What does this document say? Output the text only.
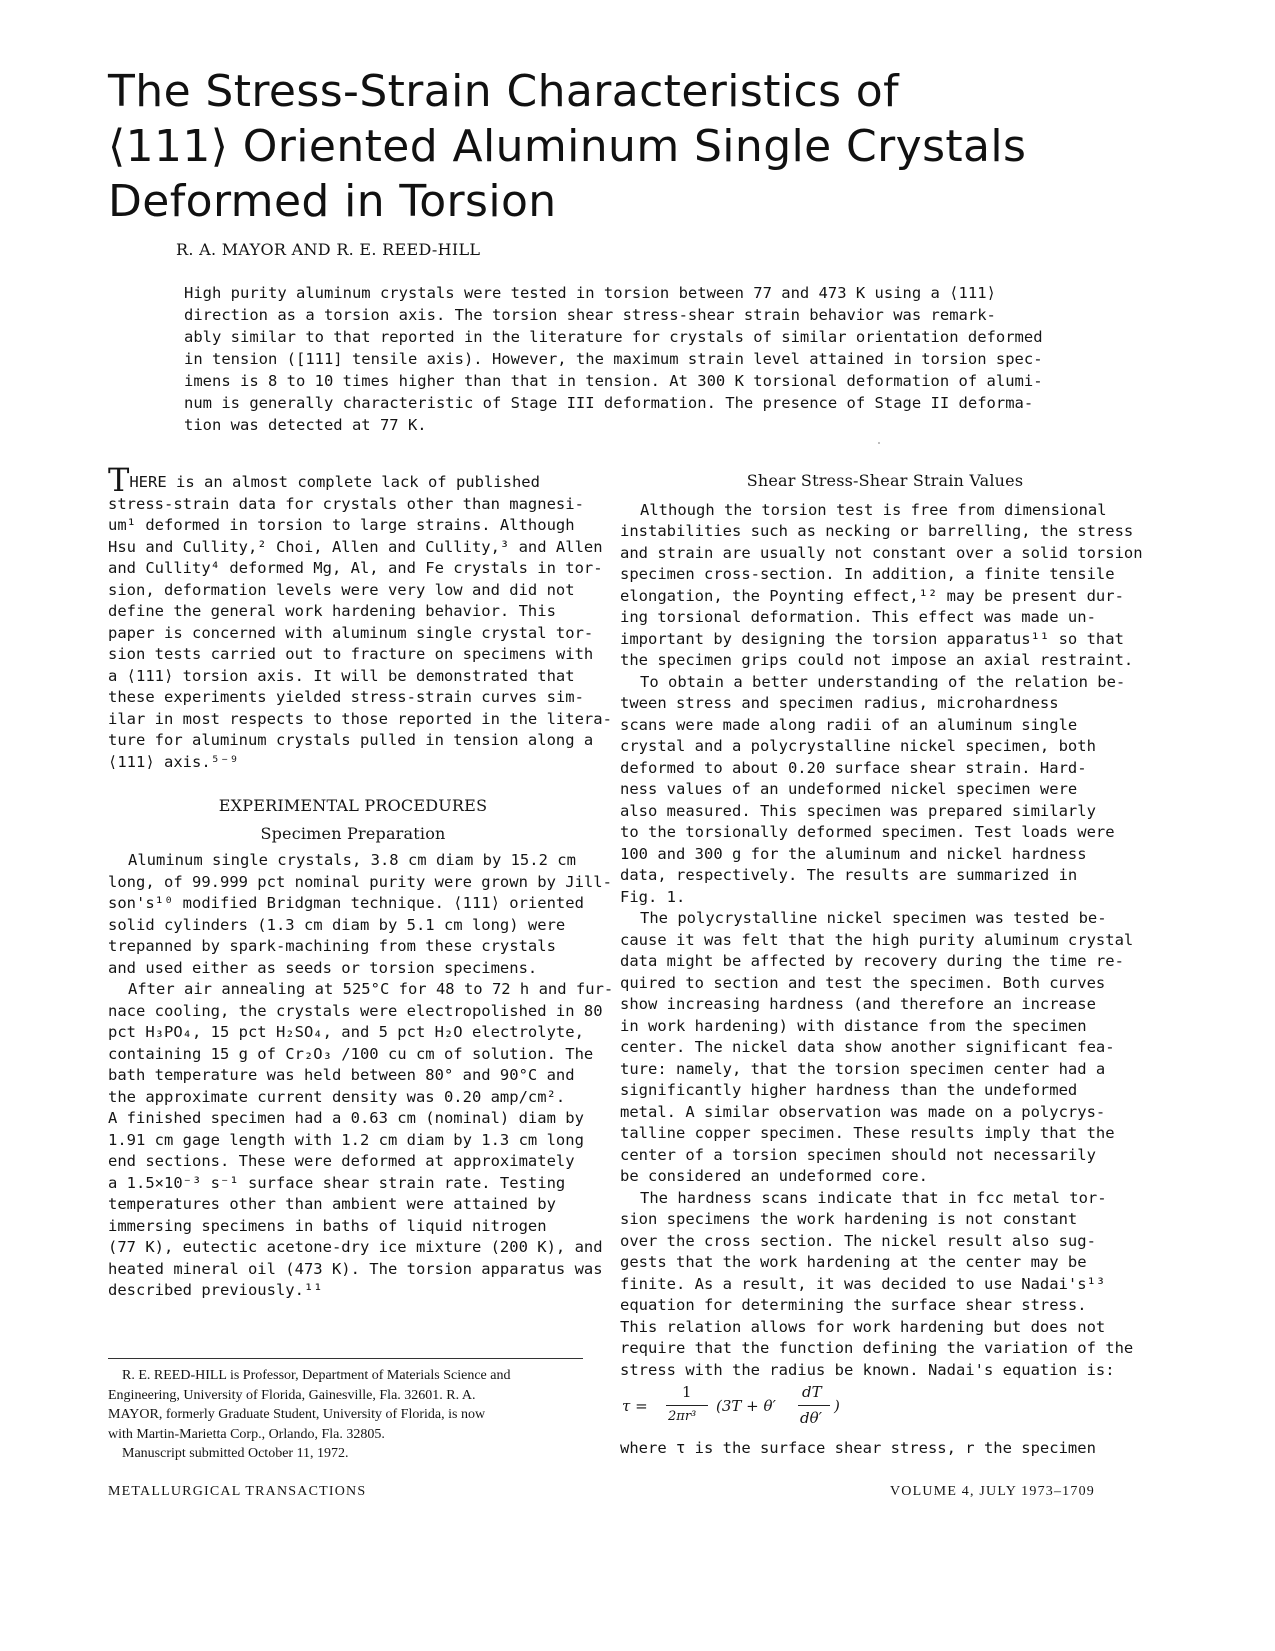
The Stress-Strain Characteristics of
⟨111⟩ Oriented Aluminum Single Crystals
Deformed in Torsion

R. A. MAYOR AND R. E. REED-HILL

High purity aluminum crystals were tested in torsion between 77 and 473 K using a ⟨111⟩
direction as a torsion axis. The torsion shear stress-shear strain behavior was remark-
ably similar to that reported in the literature for crystals of similar orientation deformed
in tension ([111] tensile axis). However, the maximum strain level attained in torsion spec-
imens is 8 to 10 times higher than that in tension. At 300 K torsional deformation of alumi-
num is generally characteristic of Stage III deformation. The presence of Stage II deforma-
tion was detected at 77 K.
THERE is an almost complete lack of published
stress-strain data for crystals other than magnesi-
um¹ deformed in torsion to large strains. Although
Hsu and Cullity,² Choi, Allen and Cullity,³ and Allen
and Cullity⁴ deformed Mg, Al, and Fe crystals in tor-
sion, deformation levels were very low and did not
define the general work hardening behavior. This
paper is concerned with aluminum single crystal tor-
sion tests carried out to fracture on specimens with
a ⟨111⟩ torsion axis. It will be demonstrated that
these experiments yielded stress-strain curves sim-
ilar in most respects to those reported in the litera-
ture for aluminum crystals pulled in tension along a
⟨111⟩ axis.⁵⁻⁹
EXPERIMENTAL PROCEDURES
Specimen Preparation
Aluminum single crystals, 3.8 cm diam by 15.2 cm
long, of 99.999 pct nominal purity were grown by Jill-
son's¹⁰ modified Bridgman technique. ⟨111⟩ oriented
solid cylinders (1.3 cm diam by 5.1 cm long) were
trepanned by spark-machining from these crystals
and used either as seeds or torsion specimens.
After air annealing at 525°C for 48 to 72 h and fur-
nace cooling, the crystals were electropolished in 80
pct H₃PO₄, 15 pct H₂SO₄, and 5 pct H₂O electrolyte,
containing 15 g of Cr₂O₃ /100 cu cm of solution. The
bath temperature was held between 80° and 90°C and
the approximate current density was 0.20 amp/cm².
A finished specimen had a 0.63 cm (nominal) diam by
1.91 cm gage length with 1.2 cm diam by 1.3 cm long
end sections. These were deformed at approximately
a 1.5×10⁻³ s⁻¹ surface shear strain rate. Testing
temperatures other than ambient were attained by
immersing specimens in baths of liquid nitrogen
(77 K), eutectic acetone-dry ice mixture (200 K), and
heated mineral oil (473 K). The torsion apparatus was
described previously.¹¹
R. E. REED-HILL is Professor, Department of Materials Science and
Engineering, University of Florida, Gainesville, Fla. 32601. R. A.
MAYOR, formerly Graduate Student, University of Florida, is now
with Martin-Marietta Corp., Orlando, Fla. 32805.
Manuscript submitted October 11, 1972.
Shear Stress-Shear Strain Values
Although the torsion test is free from dimensional
instabilities such as necking or barrelling, the stress
and strain are usually not constant over a solid torsion
specimen cross-section. In addition, a finite tensile
elongation, the Poynting effect,¹² may be present dur-
ing torsional deformation. This effect was made un-
important by designing the torsion apparatus¹¹ so that
the specimen grips could not impose an axial restraint.
To obtain a better understanding of the relation be-
tween stress and specimen radius, microhardness
scans were made along radii of an aluminum single
crystal and a polycrystalline nickel specimen, both
deformed to about 0.20 surface shear strain. Hard-
ness values of an undeformed nickel specimen were
also measured. This specimen was prepared similarly
to the torsionally deformed specimen. Test loads were
100 and 300 g for the aluminum and nickel hardness
data, respectively. The results are summarized in
Fig. 1.
The polycrystalline nickel specimen was tested be-
cause it was felt that the high purity aluminum crystal
data might be affected by recovery during the time re-
quired to section and test the specimen. Both curves
show increasing hardness (and therefore an increase
in work hardening) with distance from the specimen
center. The nickel data show another significant fea-
ture: namely, that the torsion specimen center had a
significantly higher hardness than the undeformed
metal. A similar observation was made on a polycrys-
talline copper specimen. These results imply that the
center of a torsion specimen should not necessarily
be considered an undeformed core.
The hardness scans indicate that in fcc metal tor-
sion specimens the work hardening is not constant
over the cross section. The nickel result also sug-
gests that the work hardening at the center may be
finite. As a result, it was decided to use Nadai's¹³
equation for determining the surface shear stress.
This relation allows for work hardening but does not
require that the function defining the variation of the
stress with the radius be known. Nadai's equation is:
τ =
1
2πr³
(3T + θ′
dT
dθ′
)
where τ is the surface shear stress, r the specimen
METALLURGICAL TRANSACTIONS	VOLUME 4, JULY 1973–1709
